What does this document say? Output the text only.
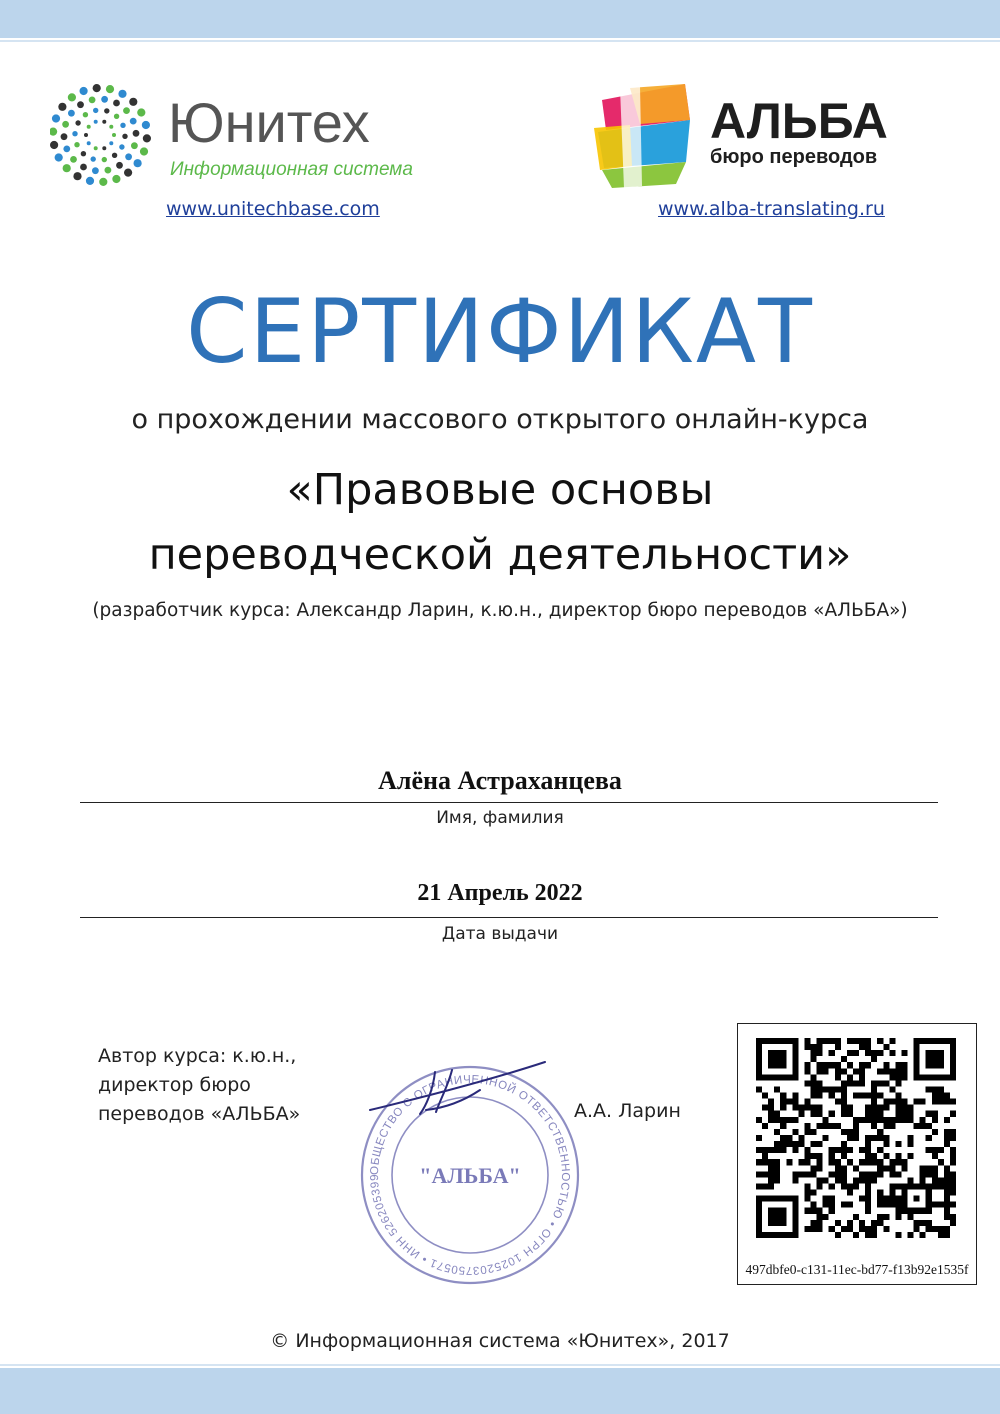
Юнитех
Информационная система
АЛЬБА
бюро переводов
www.unitechbase.com	www.alba-translating.ru
СЕРТИФИКАТ
о прохождении массового открытого онлайн-курса
«Правовые основы
переводческой деятельности»
(разработчик курса: Александр Ларин, к.ю.н., директор бюро переводов «АЛЬБА»)
Алёна Астраханцева
Имя, фамилия
21 Апрель 2022
Дата выдачи
ОБЩЕСТВО С ОГРАНИЧЕННОЙ ОТВЕТСТВЕННОСТЬЮ • ОГРН 1025203750571 • ИНН 526205399	"АЛЬБА"
Автор курса: к.ю.н.,
директор бюро
переводов «АЛЬБА»	А.А. Ларин
497dbfe0-c131-11ec-bd77-f13b92e1535f
© Информационная система «Юнитех», 2017
